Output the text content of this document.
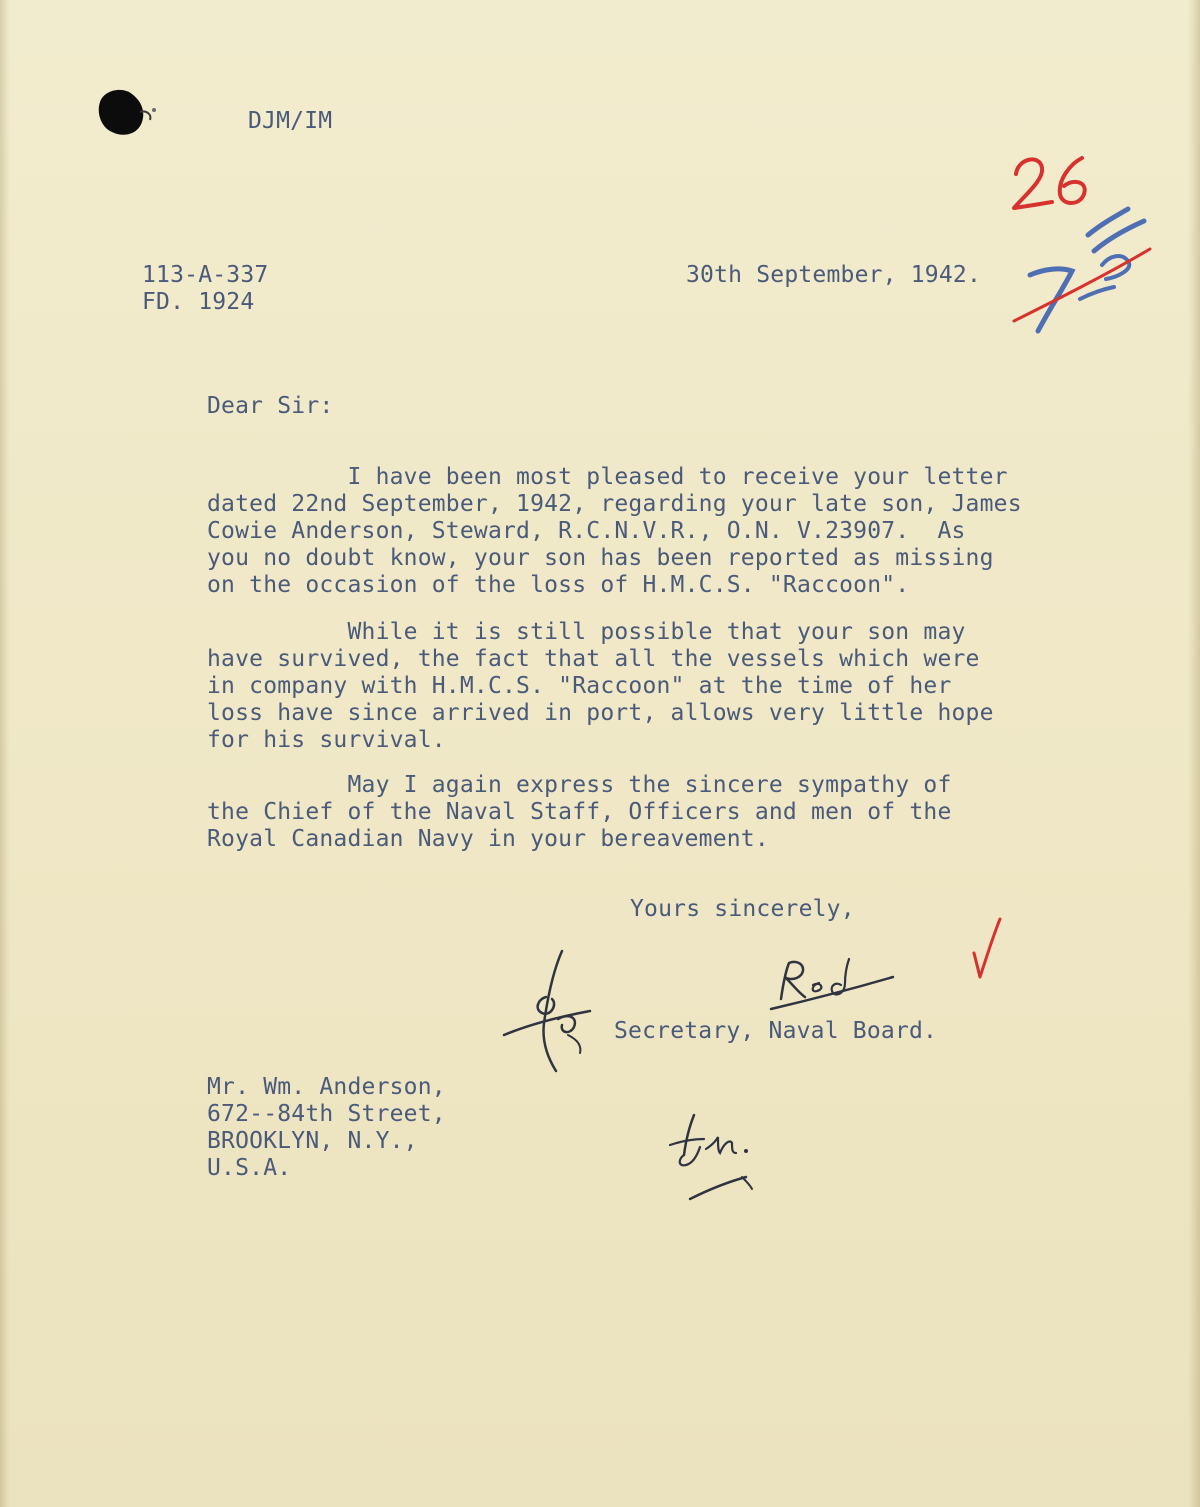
DJM/IM
113-A-337
FD. 1924
30th September, 1942.
Dear Sir:
I have been most pleased to receive your letter
dated 22nd September, 1942, regarding your late son, James
Cowie Anderson, Steward, R.C.N.V.R., O.N. V.23907.  As
you no doubt know, your son has been reported as missing
on the occasion of the loss of H.M.C.S. "Raccoon".
While it is still possible that your son may
have survived, the fact that all the vessels which were
in company with H.M.C.S. "Raccoon" at the time of her
loss have since arrived in port, allows very little hope
for his survival.
May I again express the sincere sympathy of
the Chief of the Naval Staff, Officers and men of the
Royal Canadian Navy in your bereavement.
Yours sincerely,
Secretary, Naval Board.
Mr. Wm. Anderson,
672--84th Street,
BROOKLYN, N.Y.,
U.S.A.
